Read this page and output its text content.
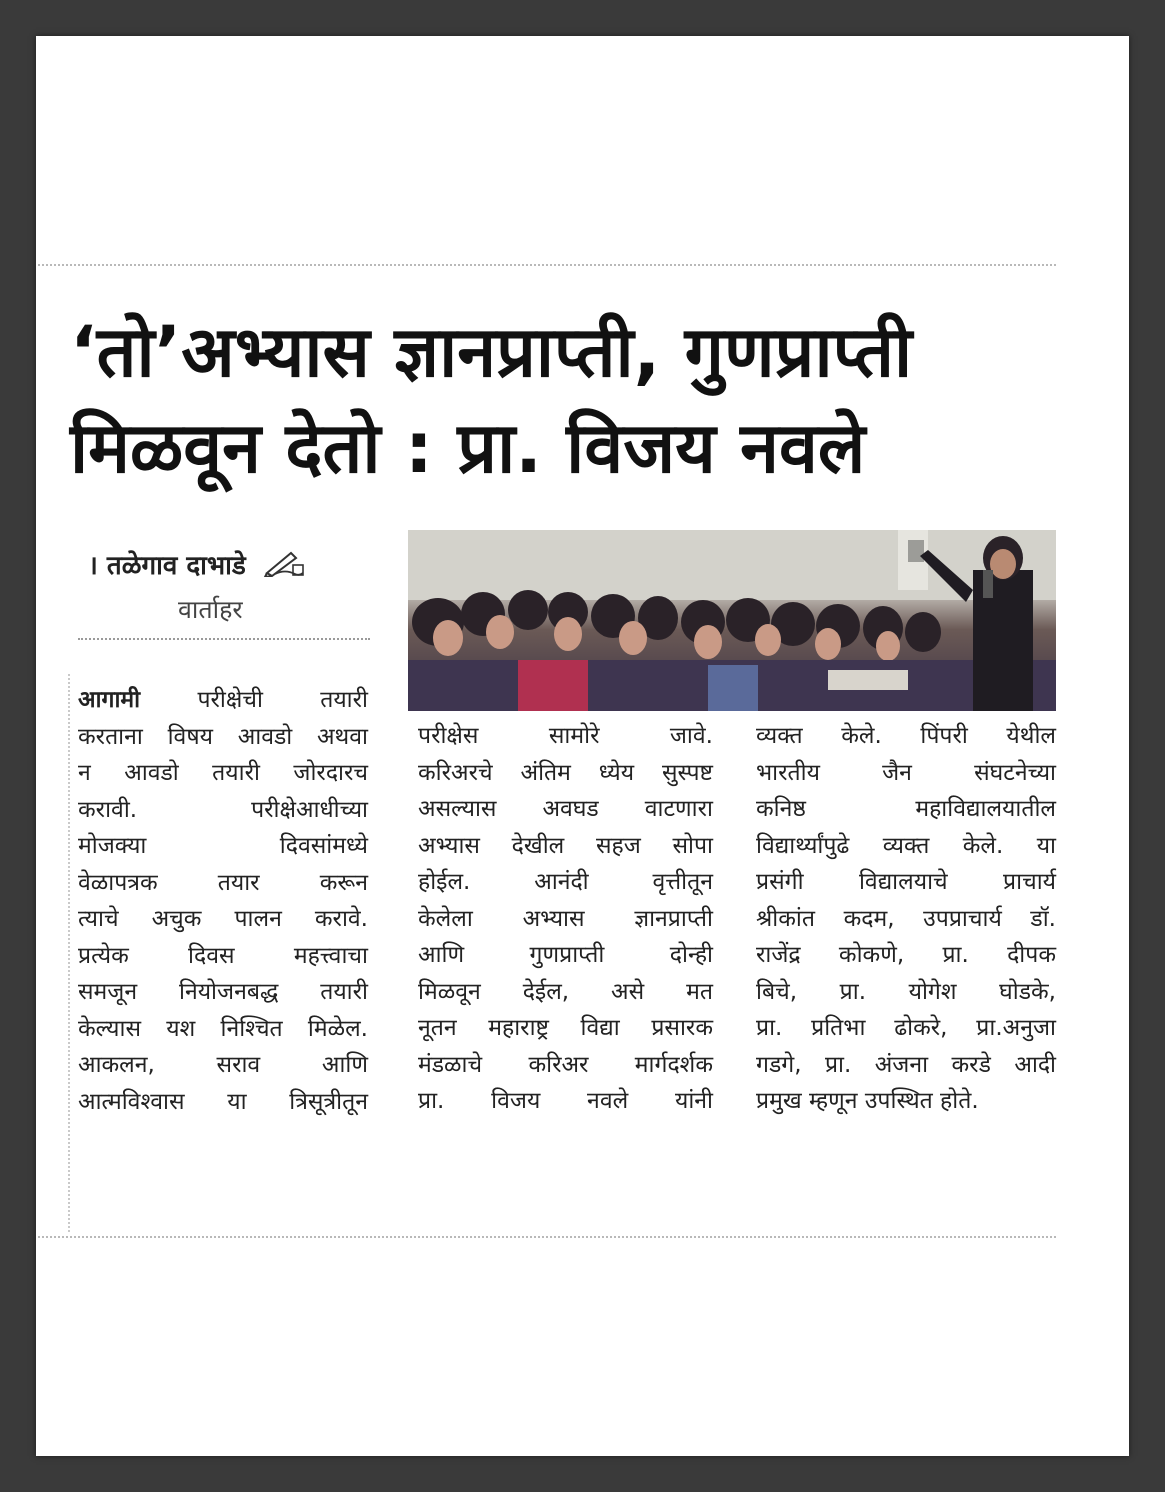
‘तो’अभ्यास ज्ञानप्राप्ती, गुणप्राप्ती
मिळवून देतो : प्रा. विजय नवले
। तळेगाव दाभाडे
वार्ताहर

आगामी परीक्षेची तयारी

करताना विषय आवडो अथवा

न आवडो तयारी जोरदारच

करावी. परीक्षेआधीच्या

मोजक्या दिवसांमध्ये

वेळापत्रक तयार करून

त्याचे अचुक पालन करावे.

प्रत्येक दिवस महत्त्वाचा

समजून नियोजनबद्ध तयारी

केल्यास यश निश्चित मिळेल.

आकलन, सराव आणि

आत्मविश्वास या त्रिसूत्रीतून

परीक्षेस सामोरे जावे.

करिअरचे अंतिम ध्येय सुस्पष्ट

असल्यास अवघड वाटणारा

अभ्यास देखील सहज सोपा

होईल. आनंदी वृत्तीतून

केलेला अभ्यास ज्ञानप्राप्ती

आणि गुणप्राप्ती दोन्ही

मिळवून देईल, असे मत

नूतन महाराष्ट्र विद्या प्रसारक

मंडळाचे करिअर मार्गदर्शक

प्रा. विजय नवले यांनी

व्यक्त केले. पिंपरी येथील

भारतीय जैन संघटनेच्या

कनिष्ठ महाविद्यालयातील

विद्यार्थ्यांपुढे व्यक्त केले. या

प्रसंगी विद्यालयाचे प्राचार्य

श्रीकांत कदम, उपप्राचार्य डॉ.

राजेंद्र कोकणे, प्रा. दीपक

बिचे, प्रा. योगेश घोडके,

प्रा. प्रतिभा ढोकरे, प्रा.अनुजा

गडगे, प्रा. अंजना करडे आदी

प्रमुख म्हणून उपस्थित होते.
